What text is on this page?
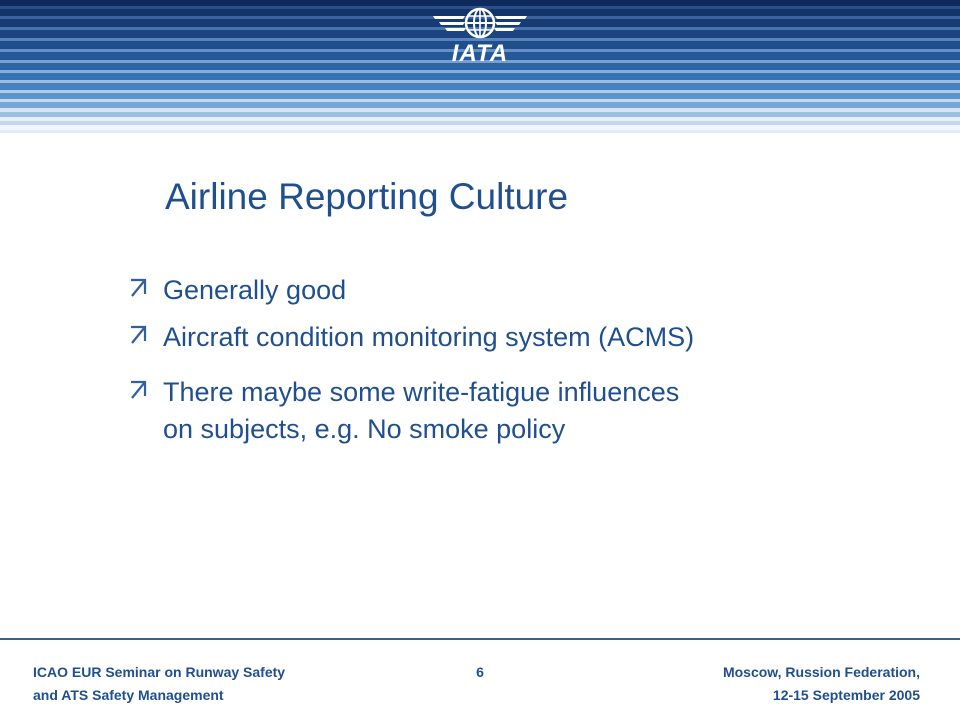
IATA
Airline Reporting Culture
Generally good
Aircraft condition monitoring system (ACMS)
There maybe some write-fatigue influences
on subjects, e.g. No smoke policy
ICAO EUR Seminar on Runway Safety
and ATS Safety Management
6	Moscow, Russion Federation,
12-15 September 2005
